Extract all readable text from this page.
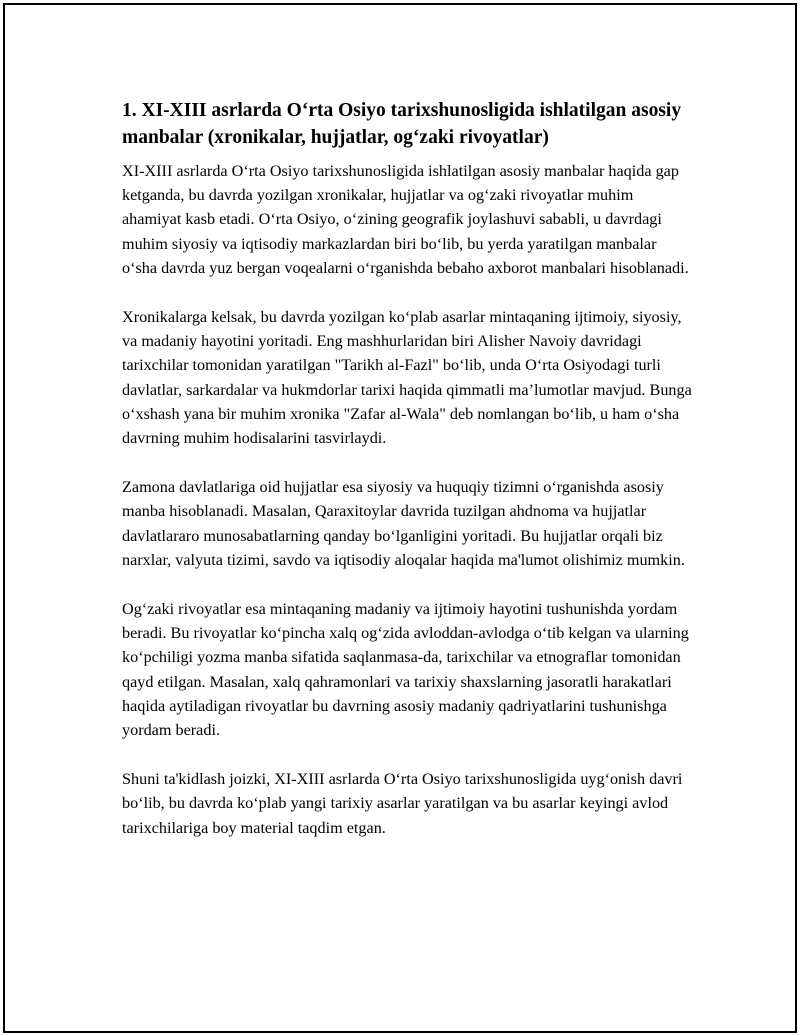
1. XI-XIII asrlarda O‘rta Osiyo tarixshunosligida ishlatilgan asosiy manbalar (xronikalar, hujjatlar, og‘zaki rivoyatlar)

XI-XIII asrlarda O‘rta Osiyo tarixshunosligida ishlatilgan asosiy manbalar haqida gap ketganda, bu davrda yozilgan xronikalar, hujjatlar va og‘zaki rivoyatlar muhim ahamiyat kasb etadi. O‘rta Osiyo, o‘zining geografik joylashuvi sababli, u davrdagi muhim siyosiy va iqtisodiy markazlardan biri bo‘lib, bu yerda yaratilgan manbalar o‘sha davrda yuz bergan voqealarni o‘rganishda bebaho axborot manbalari hisoblanadi.

Xronikalarga kelsak, bu davrda yozilgan ko‘plab asarlar mintaqaning ijtimoiy, siyosiy, va madaniy hayotini yoritadi. Eng mashhurlaridan biri Alisher Navoiy davridagi tarixchilar tomonidan yaratilgan "Tarikh al-Fazl" bo‘lib, unda O‘rta Osiyodagi turli davlatlar, sarkardalar va hukmdorlar tarixi haqida qimmatli ma’lumotlar mavjud. Bunga o‘xshash yana bir muhim xronika "Zafar al-Wala" deb nomlangan bo‘lib, u ham o‘sha davrning muhim hodisalarini tasvirlaydi.

Zamona davlatlariga oid hujjatlar esa siyosiy va huquqiy tizimni o‘rganishda asosiy manba hisoblanadi. Masalan, Qaraxitoylar davrida tuzilgan ahdnoma va hujjatlar davlatlararo munosabatlarning qanday bo‘lganligini yoritadi. Bu hujjatlar orqali biz narxlar, valyuta tizimi, savdo va iqtisodiy aloqalar haqida ma'lumot olishimiz mumkin.

Og‘zaki rivoyatlar esa mintaqaning madaniy va ijtimoiy hayotini tushunishda yordam beradi. Bu rivoyatlar ko‘pincha xalq og‘zida avloddan-avlodga o‘tib kelgan va ularning ko‘pchiligi yozma manba sifatida saqlanmasa-da, tarixchilar va etnograflar tomonidan qayd etilgan. Masalan, xalq qahramonlari va tarixiy shaxslarning jasoratli harakatlari haqida aytiladigan rivoyatlar bu davrning asosiy madaniy qadriyatlarini tushunishga yordam beradi.

Shuni ta'kidlash joizki, XI-XIII asrlarda O‘rta Osiyo tarixshunosligida uyg‘onish davri bo‘lib, bu davrda ko‘plab yangi tarixiy asarlar yaratilgan va bu asarlar keyingi avlod tarixchilariga boy material taqdim etgan.
